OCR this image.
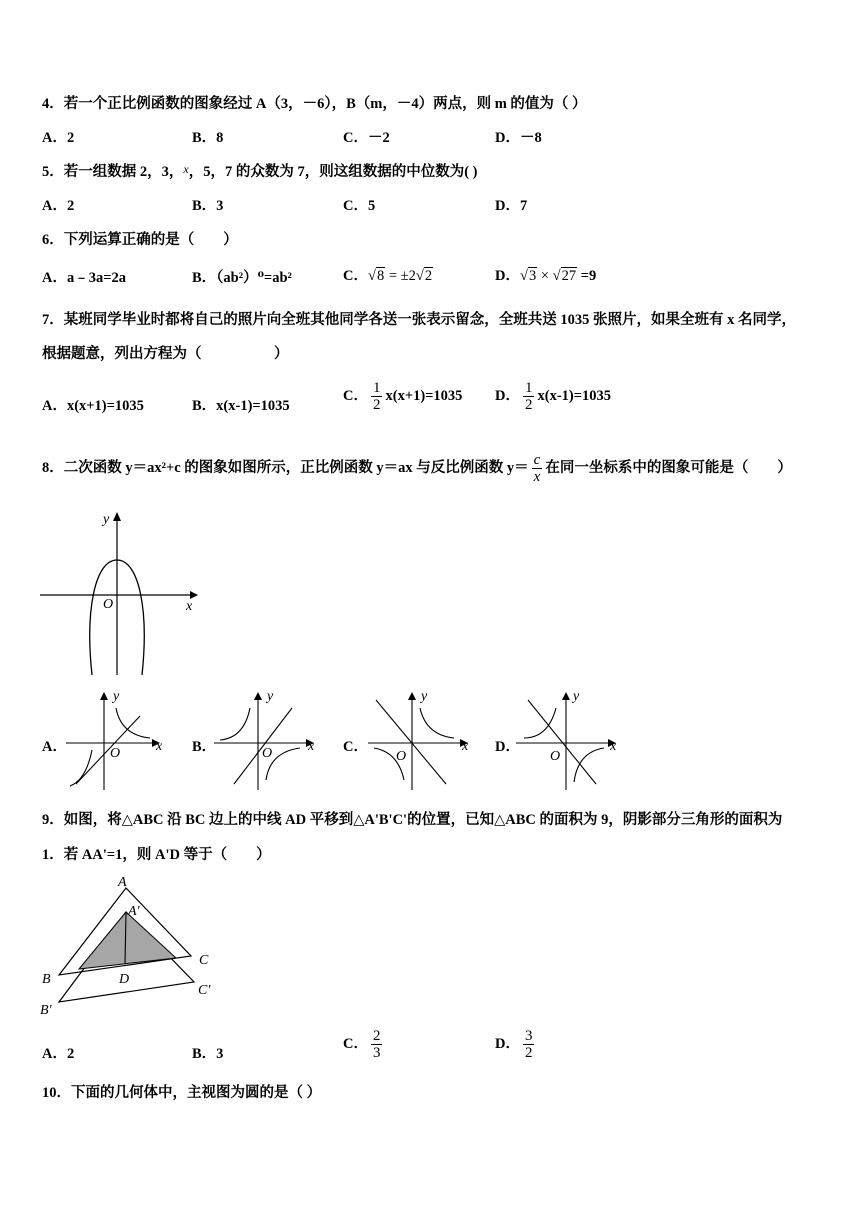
4．若一个正比例函数的图象经过 A（3，－6），B（m，－4）两点，则 m 的值为（ ）
A．2	B．8	C．－2	D．－8
5．若一组数据 2，3，$^x$，5，7 的众数为 7，则这组数据的中位数为( )
A．2	B．3	C．5	D．7
6．下列运算正确的是（　　）
A．a﹣3a=2a	B．（ab²）⁰=ab²	C．√8 = ±2√2	D．√3 × √27 =9
7．某班同学毕业时都将自己的照片向全班其他同学各送一张表示留念，全班共送 1035 张照片，如果全班有 x 名同学，
根据题意，列出方程为（　　　　　）
A．x(x+1)=1035	B．x(x-1)=1035
C． $\frac{1}{2} x(x+1)=1035$ D． $\frac{1}{2} x(x-1)=1035$
8．二次函数 y＝ax²+c 的图象如图所示，正比例函数 y＝ax 与反比例函数 $y= \frac{c}{x}$ 在同一坐标系中的图象可能是（　　）
y
x
O
A．
y
x
O	B．
y
x
O	C．
y
x
O
D．
y
x
O
9．如图，将△ABC 沿 BC 边上的中线 AD 平移到△A'B'C'的位置，已知△ABC 的面积为 9，阴影部分三角形的面积为
1．若 AA'=1，则 A'D 等于（　　）
A
A'
B
B'
C
C'
D
A．2	B．3
C． $\frac{2}{3}$	D． $\frac{3}{2}$
10．下面的几何体中，主视图为圆的是（ ）
